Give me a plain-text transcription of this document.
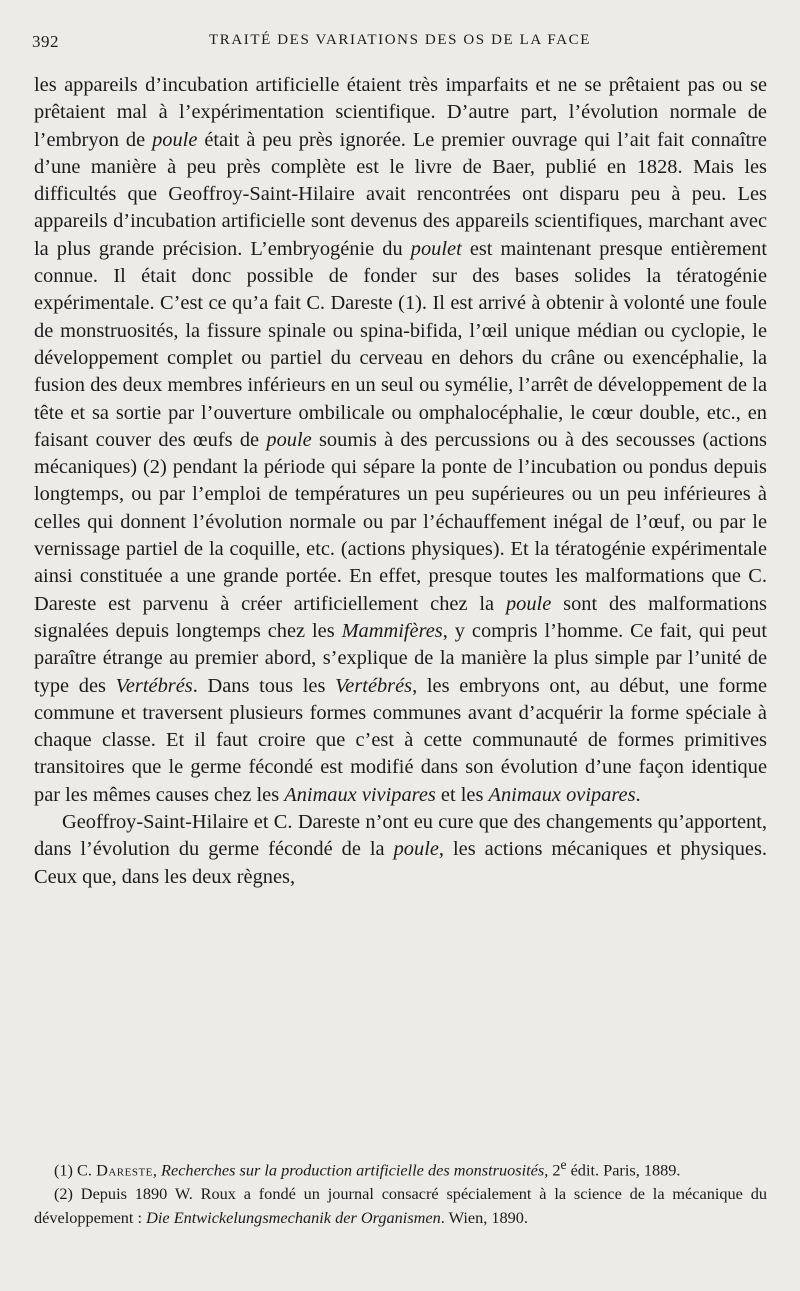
392	TRAITÉ DES VARIATIONS DES OS DE LA FACE

les appareils d’incubation artificielle étaient très imparfaits et ne se prêtaient pas ou se prêtaient mal à l’expérimentation scientifique. D’autre part, l’évolution normale de l’embryon de poule était à peu près ignorée. Le premier ouvrage qui l’ait fait connaître d’une manière à peu près complète est le livre de Baer, publié en 1828. Mais les difficultés que Geoffroy-Saint-Hilaire avait rencontrées ont disparu peu à peu. Les appareils d’incubation artificielle sont devenus des appareils scientifiques, marchant avec la plus grande précision. L’embryogénie du poulet est maintenant presque entièrement connue. Il était donc possible de fonder sur des bases solides la tératogénie expérimentale. C’est ce qu’a fait C. Dareste (1). Il est arrivé à obtenir à volonté une foule de monstruosités, la fissure spinale ou spina-bifida, l’œil unique médian ou cyclopie, le développement complet ou partiel du cerveau en dehors du crâne ou exencéphalie, la fusion des deux membres inférieurs en un seul ou symélie, l’arrêt de développement de la tête et sa sortie par l’ouverture ombilicale ou omphalocéphalie, le cœur double, etc., en faisant couver des œufs de poule soumis à des percussions ou à des secousses (actions mécaniques) (2) pendant la période qui sépare la ponte de l’incubation ou pondus depuis longtemps, ou par l’emploi de températures un peu supérieures ou un peu inférieures à celles qui donnent l’évolution normale ou par l’échauffement inégal de l’œuf, ou par le vernissage partiel de la coquille, etc. (actions physiques). Et la tératogénie expérimentale ainsi constituée a une grande portée. En effet, presque toutes les malformations que C. Dareste est parvenu à créer artificiellement chez la poule sont des malformations signalées depuis longtemps chez les Mammifères, y compris l’homme. Ce fait, qui peut paraître étrange au premier abord, s’explique de la manière la plus simple par l’unité de type des Vertébrés. Dans tous les Vertébrés, les embryons ont, au début, une forme commune et traversent plusieurs formes communes avant d’acquérir la forme spéciale à chaque classe. Et il faut croire que c’est à cette communauté de formes primitives transitoires que le germe fécondé est modifié dans son évolution d’une façon identique par les mêmes causes chez les Animaux vivipares et les Animaux ovipares.

Geoffroy-Saint-Hilaire et C. Dareste n’ont eu cure que des changements qu’apportent, dans l’évolution du germe fécondé de la poule, les actions mécaniques et physiques. Ceux que, dans les deux règnes,

(1) C. Dareste, Recherches sur la production artificielle des monstruosités, 2e édit. Paris, 1889.

(2) Depuis 1890 W. Roux a fondé un journal consacré spécialement à la science de la mécanique du développement : Die Entwickelungsmechanik der Organismen. Wien, 1890.
